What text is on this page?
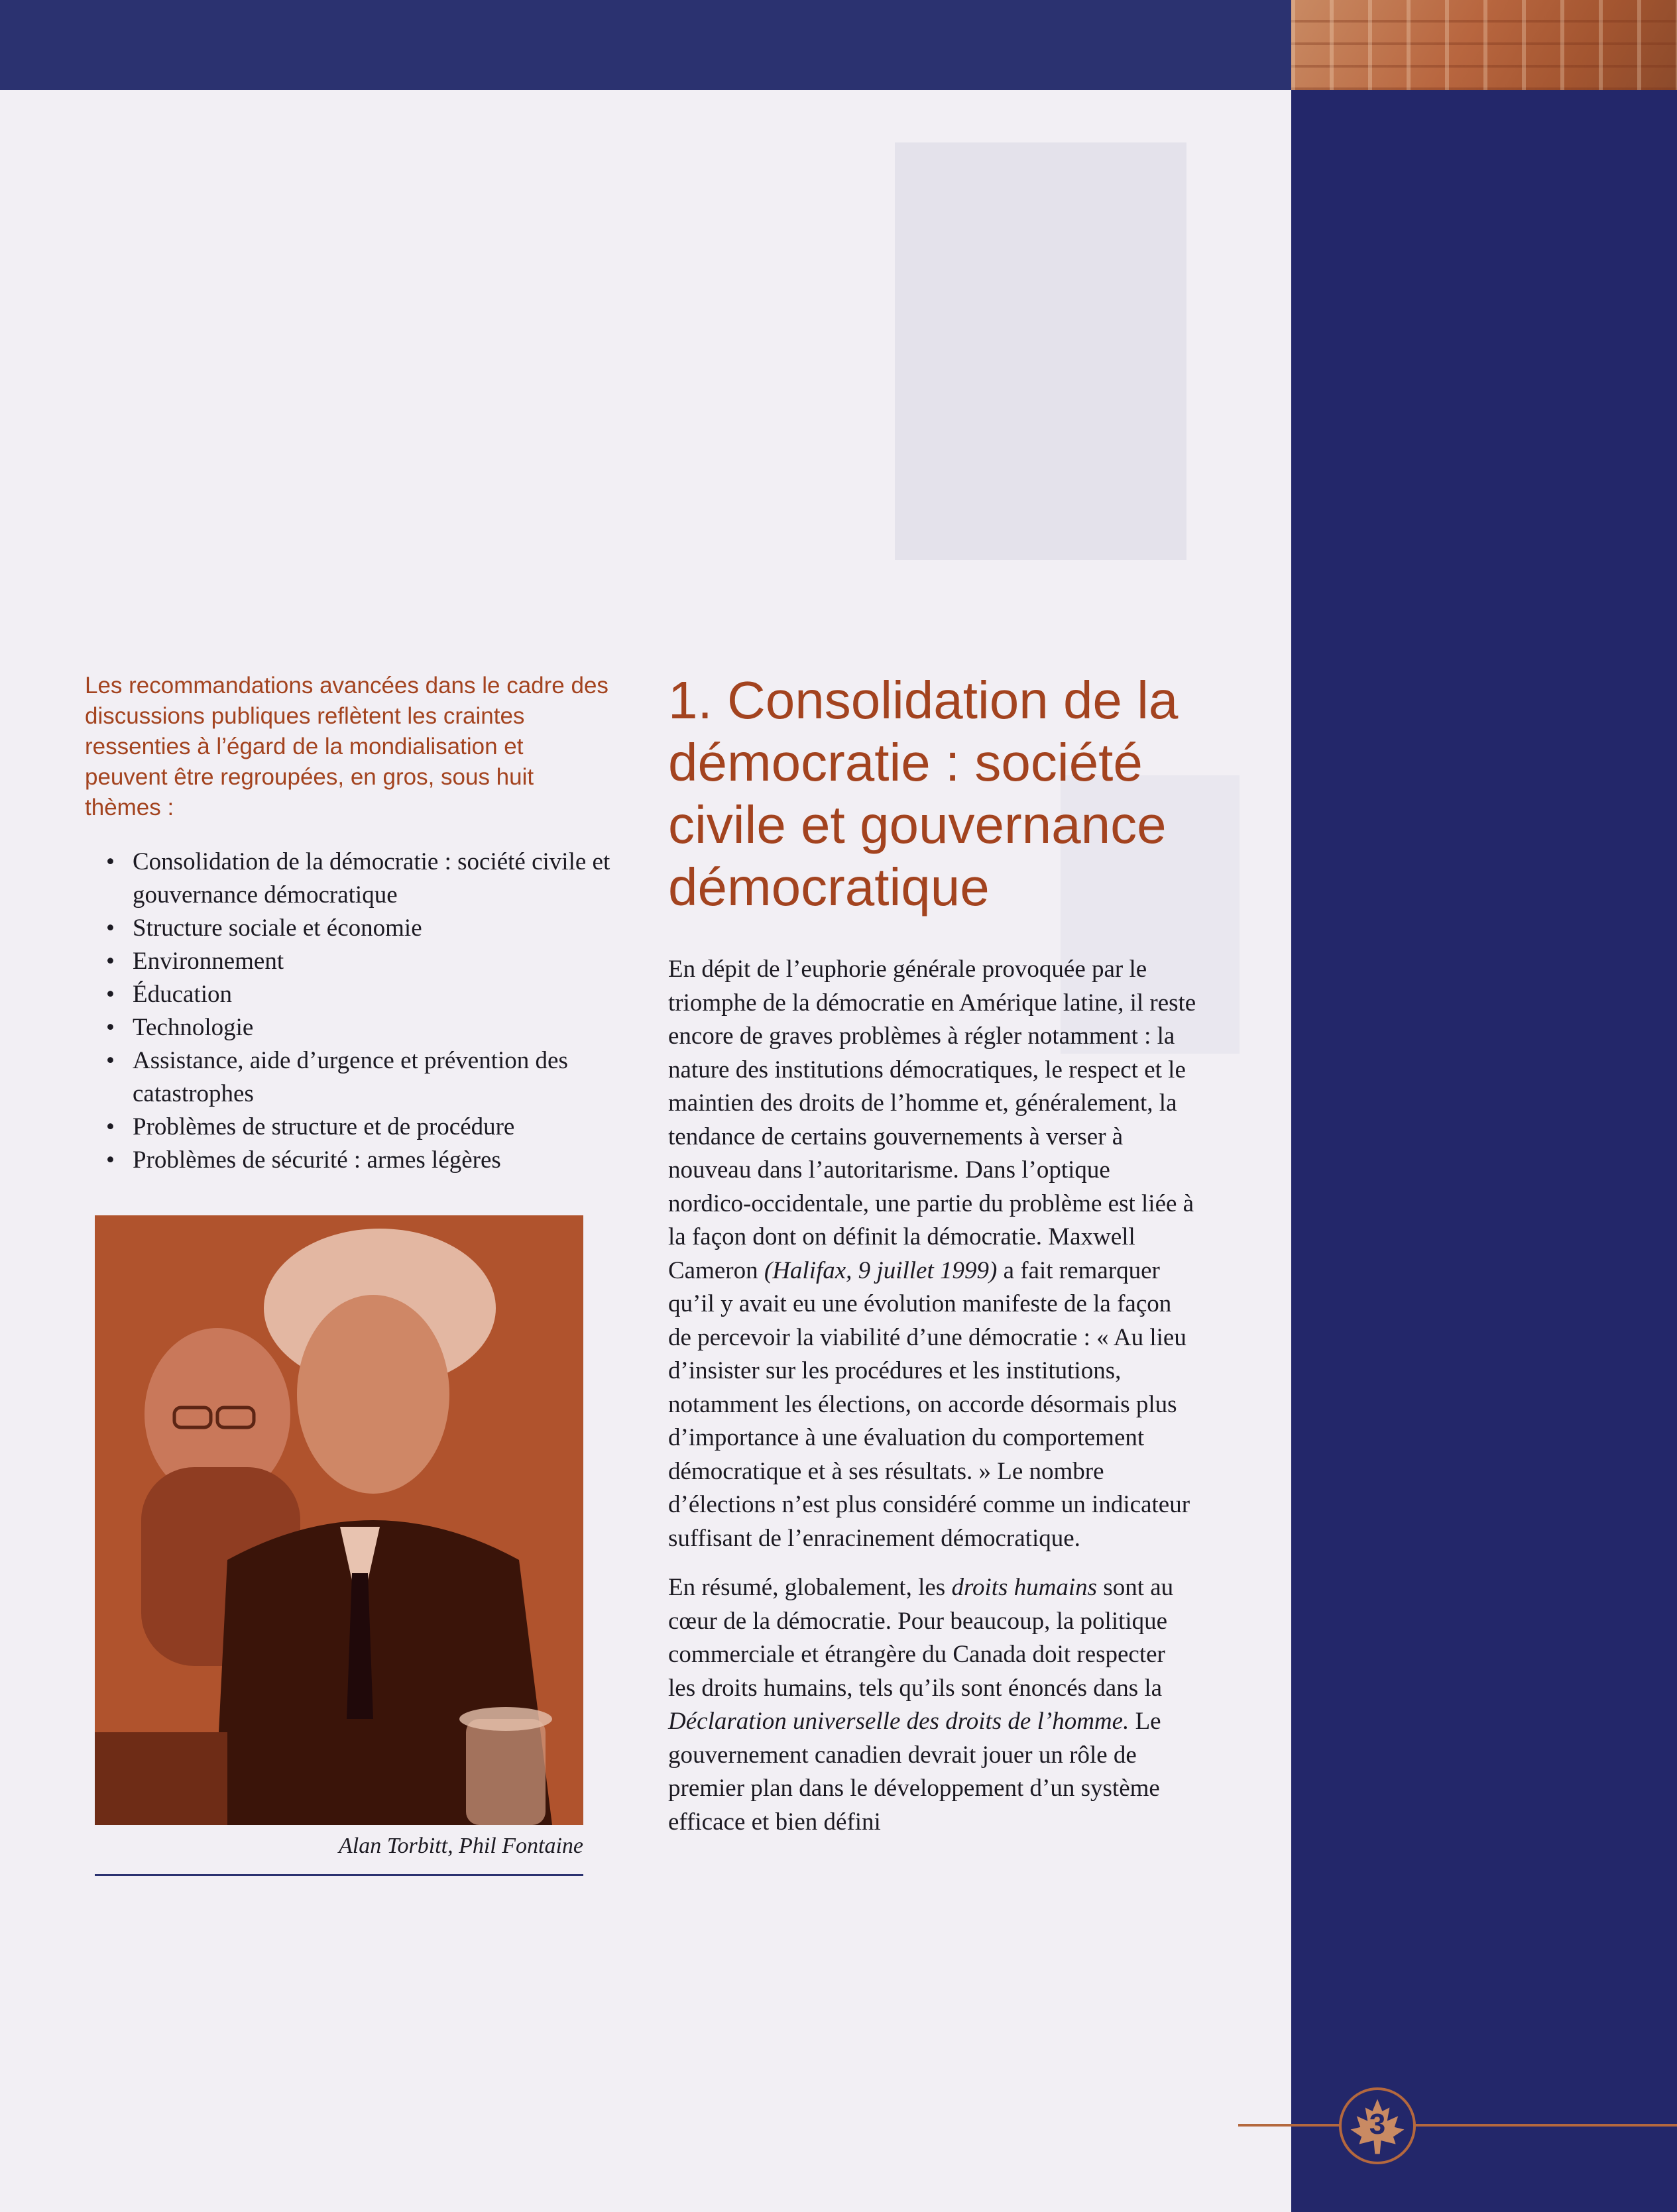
Les recommandations avancées dans le cadre des discussions publiques reflètent les craintes ressenties à l’égard de la mondialisation et peuvent être regroupées, en gros, sous huit thèmes :
• Consolidation de la démocratie : société civile et gouvernance démocratique
• Structure sociale et économie
• Environnement
• Éducation
• Technologie
• Assistance, aide d’urgence et prévention des catastrophes
• Problèmes de structure et de procédure
• Problèmes de sécurité : armes légères
Alan Torbitt, Phil Fontaine
1. Consolidation de la démocratie : société civile et gouvernance démocratique

En dépit de l’euphorie générale provoquée par le triomphe de la démocratie en Amérique latine, il reste encore de graves problèmes à régler notamment : la nature des institutions démocratiques, le respect et le maintien des droits de l’homme et, généralement, la tendance de certains gouvernements à verser à nouveau dans l’autoritarisme. Dans l’optique nordico-occidentale, une partie du problème est liée à la façon dont on définit la démocratie. Maxwell Cameron (Halifax, 9 juillet 1999) a fait remarquer qu’il y avait eu une évolution manifeste de la façon de percevoir la viabilité d’une démocratie : « Au lieu d’insister sur les procédures et les institutions, notamment les élections, on accorde désormais plus d’importance à une évaluation du comportement démocratique et à ses résultats. » Le nombre d’élections n’est plus considéré comme un indicateur suffisant de l’enracinement démocratique.

En résumé, globalement, les droits humains sont au cœur de la démocratie. Pour beaucoup, la politique commerciale et étrangère du Canada doit respecter les droits humains, tels qu’ils sont énoncés dans la Déclaration universelle des droits de l’homme. Le gouvernement canadien devrait jouer un rôle de premier plan dans le développement d’un système efficace et bien défini

3
